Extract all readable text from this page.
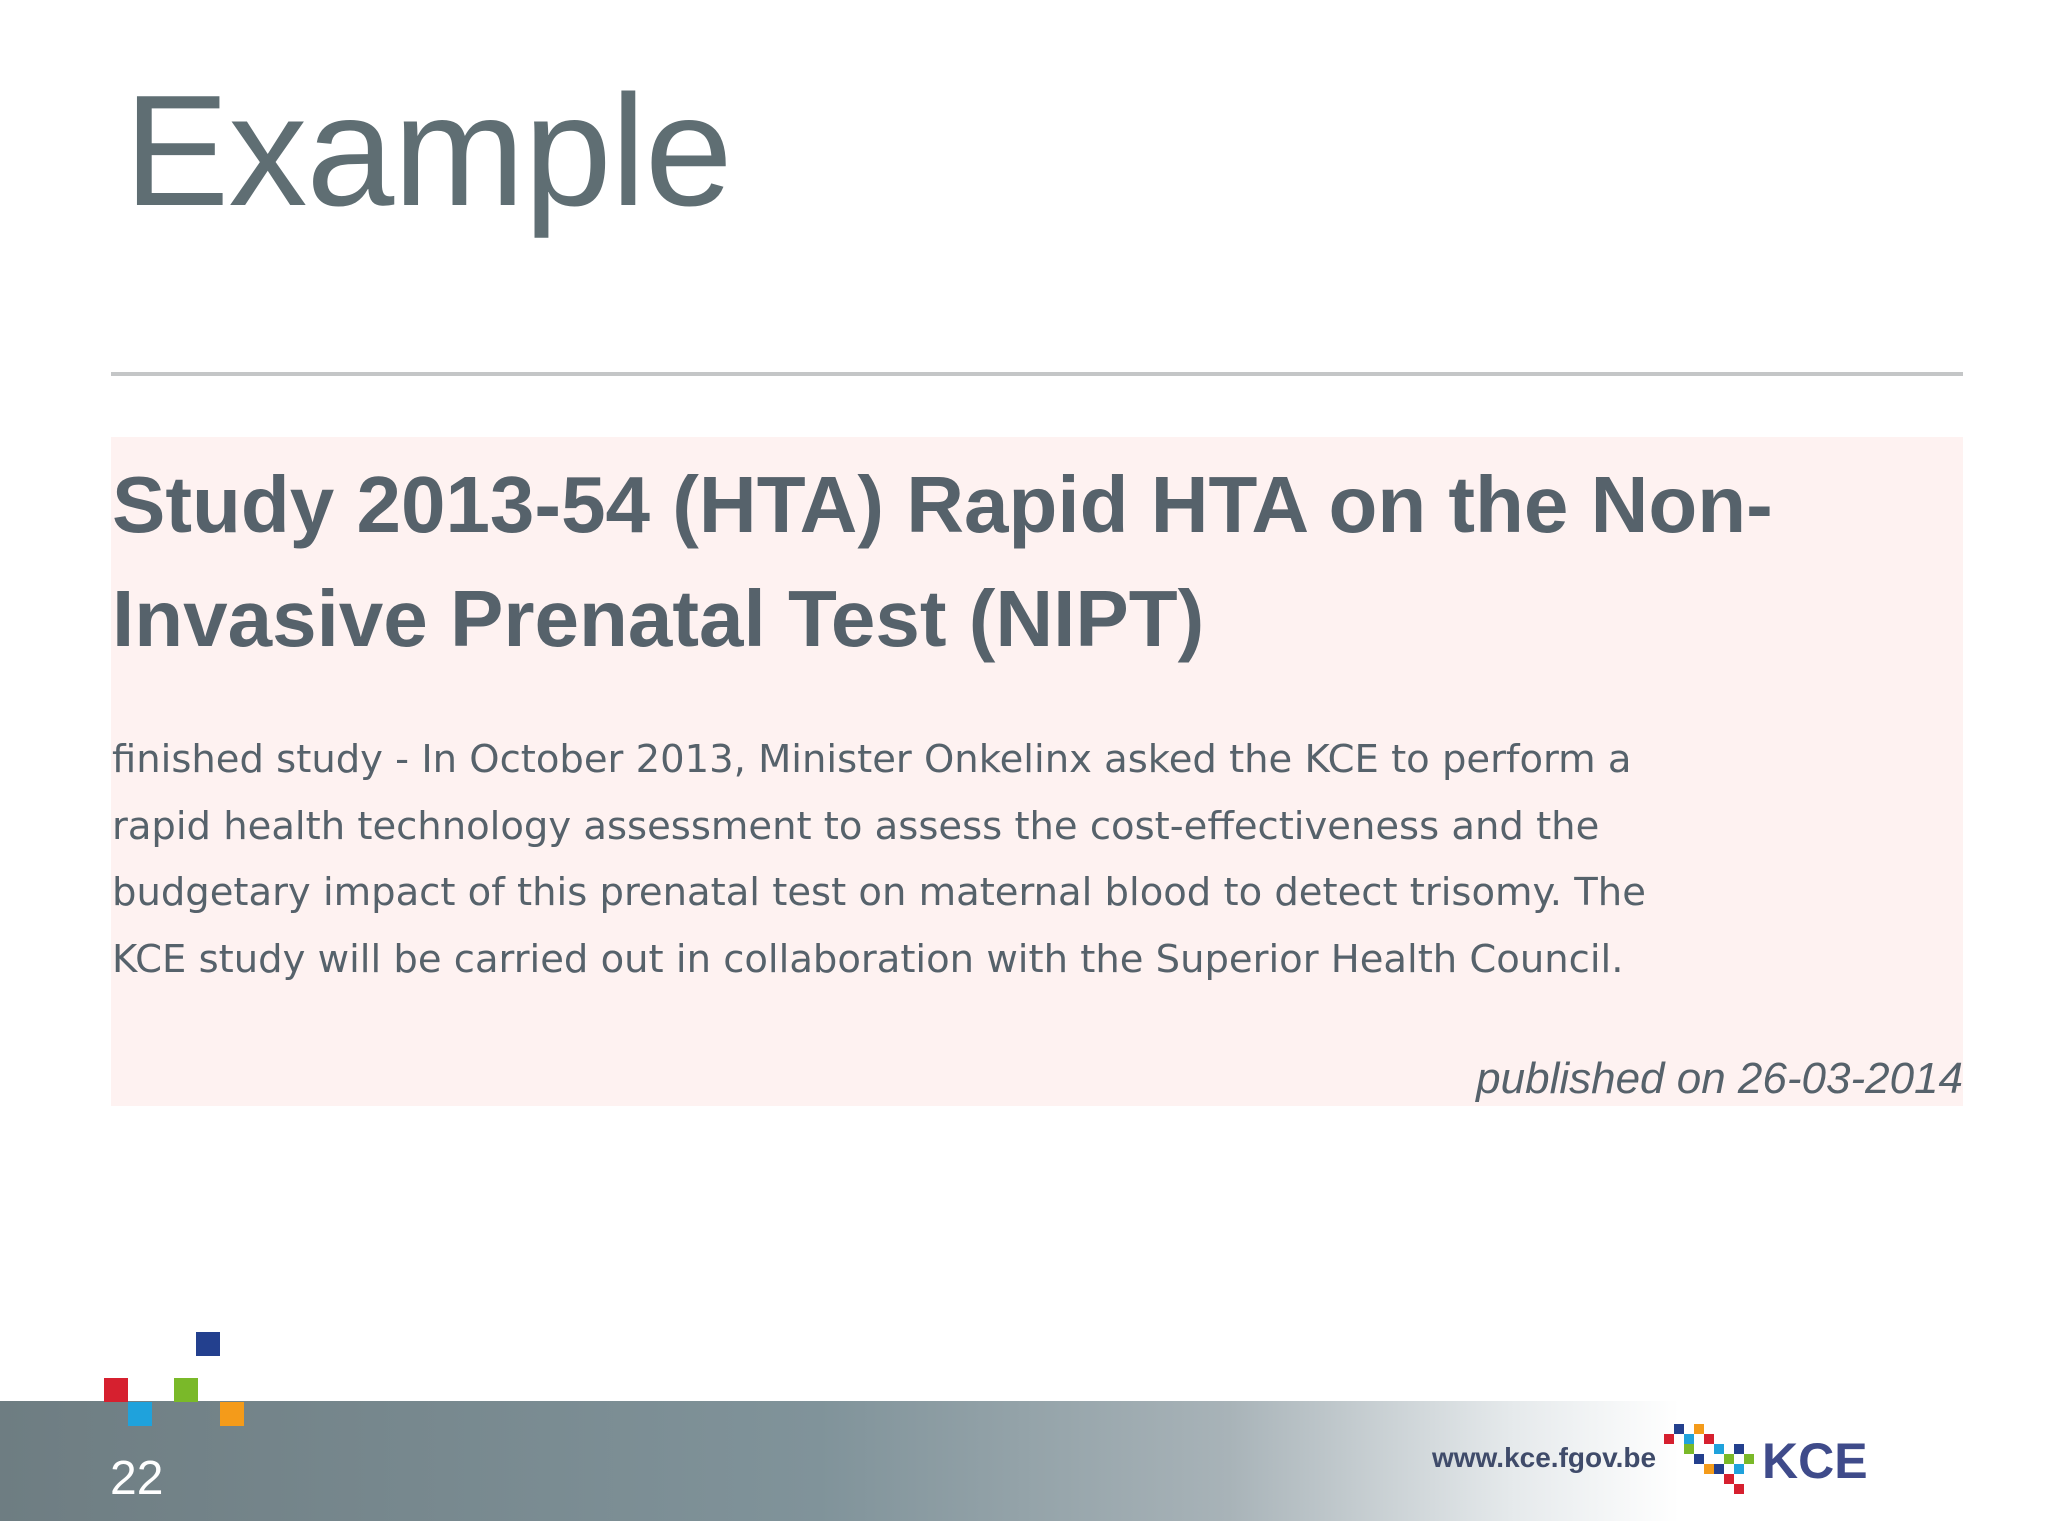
Example
Study 2013-54 (HTA) Rapid HTA on the Non-Invasive Prenatal Test (NIPT)

finished study - In October 2013, Minister Onkelinx asked the KCE to perform a
rapid health technology assessment to assess the cost-effectiveness and the
budgetary impact of this prenatal test on maternal blood to detect trisomy. The
KCE study will be carried out in collaboration with the Superior Health Council.

published on 26-03-2014
22	www.kce.fgov.be KCE
